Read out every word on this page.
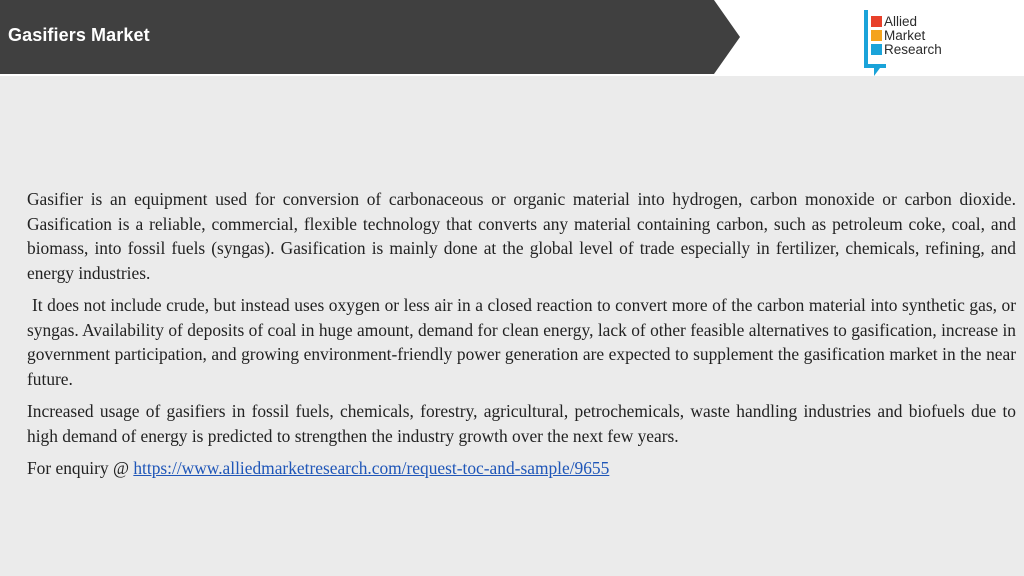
Gasifiers Market
Allied
Market
Research

Gasifier is an equipment used for conversion of carbonaceous or organic material into hydrogen, carbon monoxide or carbon dioxide. Gasification is a reliable, commercial, flexible technology that converts any material containing carbon, such as petroleum coke, coal, and biomass, into fossil fuels (syngas). Gasification is mainly done at the global level of trade especially in fertilizer, chemicals, refining, and energy industries.

It does not include crude, but instead uses oxygen or less air in a closed reaction to convert more of the carbon material into synthetic gas, or syngas. Availability of deposits of coal in huge amount, demand for clean energy, lack of other feasible alternatives to gasification, increase in government participation, and growing environment-friendly power generation are expected to supplement the gasification market in the near future.

Increased usage of gasifiers in fossil fuels, chemicals, forestry, agricultural, petrochemicals, waste handling industries and biofuels due to high demand of energy is predicted to strengthen the industry growth over the next few years.

For enquiry @ https://www.alliedmarketresearch.com/request-toc-and-sample/9655
